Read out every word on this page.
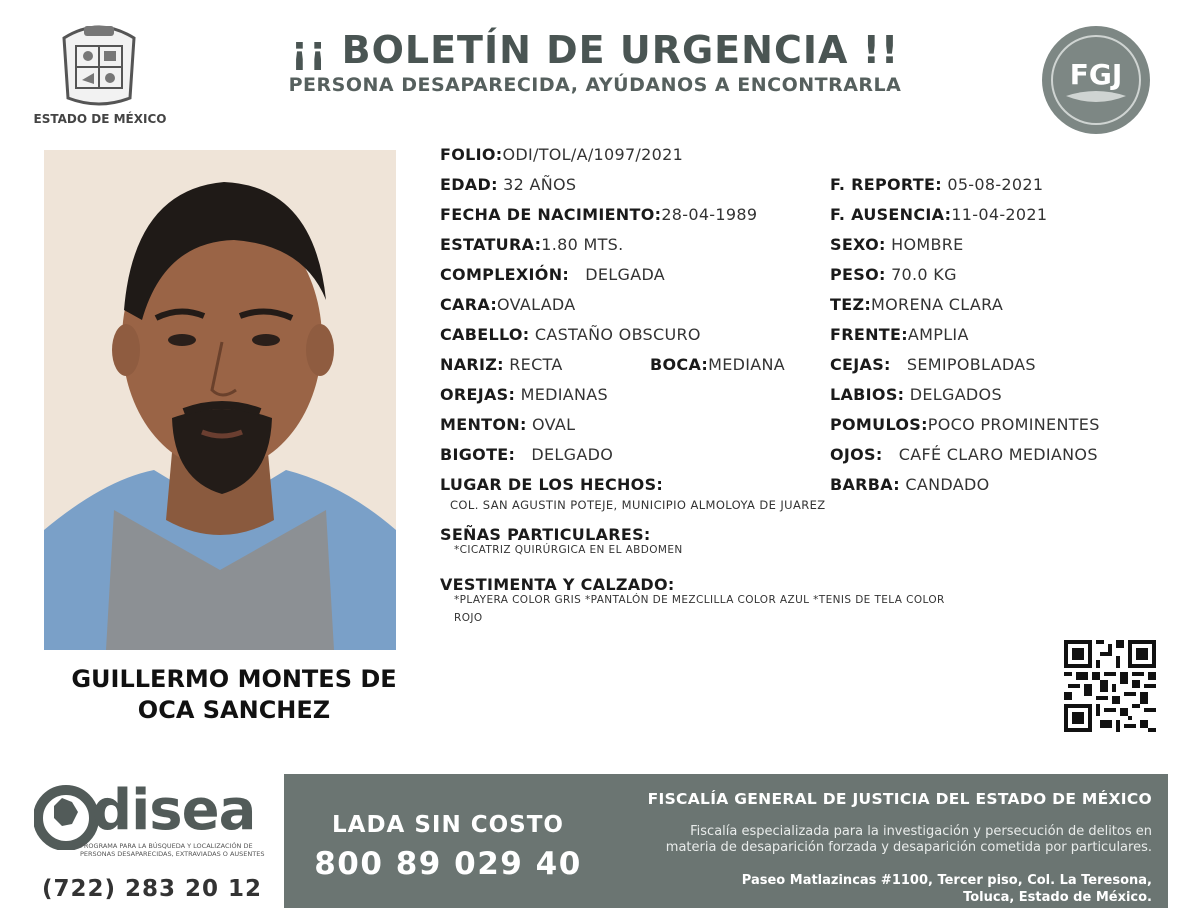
ESTADO DE MÉXICO
¡¡ BOLETÍN DE URGENCIA !!
PERSONA DESAPARECIDA, AYÚDANOS A ENCONTRARLA	FGJ
GUILLERMO MONTES DE OCA SANCHEZ
FOLIO:ODI/TOL/A/1097/2021
EDAD: 32 AÑOS	F. REPORTE: 05-08-2021
FECHA DE NACIMIENTO:28-04-1989	F. AUSENCIA:11-04-2021
ESTATURA:1.80 MTS.	SEXO: HOMBRE
COMPLEXIÓN: DELGADA	PESO: 70.0 KG
CARA:OVALADA	TEZ:MORENA CLARA
CABELLO: CASTAÑO OBSCURO	FRENTE:AMPLIA
NARIZ: RECTA	BOCA:MEDIANA	CEJAS: SEMIPOBLADAS
OREJAS: MEDIANAS	LABIOS: DELGADOS
MENTON: OVAL	POMULOS:POCO PROMINENTES
BIGOTE: DELGADO	OJOS: CAFÉ CLARO MEDIANOS
LUGAR DE LOS HECHOS:	BARBA: CANDADO
COL. SAN AGUSTIN POTEJE, MUNICIPIO ALMOLOYA DE JUAREZ
SEÑAS PARTICULARES:
*CICATRIZ QUIRÚRGICA EN EL ABDOMEN
VESTIMENTA Y CALZADO:
*PLAYERA COLOR GRIS *PANTALÓN DE MEZCLILLA COLOR AZUL *TENIS DE TELA COLOR
ROJO
disea
PROGRAMA PARA LA BÚSQUEDA Y LOCALIZACIÓN DE PERSONAS DESAPARECIDAS, EXTRAVIADAS O AUSENTES
(722) 283 20 12
LADA SIN COSTO
800 89 029 40
FISCALÍA GENERAL DE JUSTICIA DEL ESTADO DE MÉXICO
Fiscalía especializada para la investigación y persecución de delitos en
materia de desaparición forzada y desaparición cometida por particulares.
Paseo Matlazincas #1100, Tercer piso, Col. La Teresona,
Toluca, Estado de México.
